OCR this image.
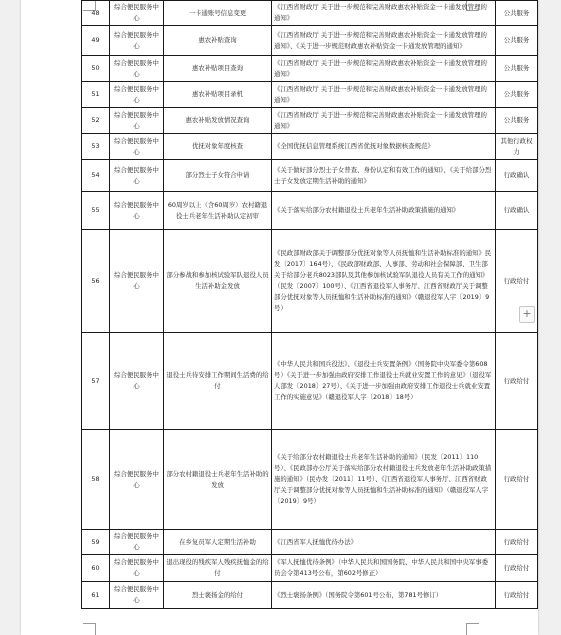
48	综合便民服务中心	一卡通账号信息变更	《江西省财政厅 关于进一步规范和完善财政惠农补贴资金一卡通发放管理的通知》	公共服务
49	综合便民服务中心	惠农补贴查询	《江西省财政厅 关于进一步规范和完善财政惠农补贴资金一卡通发放管理的通知》、《关于进一步规范财政惠农补贴资金一卡通发放管理的通知》	公共服务
50	综合便民服务中心	惠农补贴项目查询	《江西省财政厅 关于进一步规范和完善财政惠农补贴资金一卡通发放管理的通知》	公共服务
51	综合便民服务中心	惠农补贴项目录机	《江西省财政厅 关于进一步规范和完善财政惠农补贴资金一卡通发放管理的通知》	公共服务
52	综合便民服务中心	惠农补贴发放情况查询	《江西省财政厅 关于进一步规范和完善财政惠农补贴资金一卡通发放管理的通知》	公共服务
53	综合便民服务中心	优抚对象年度核查	《全国优抚信息管理系统江西省优抚对象数据核查规范》	其他行政权力
54	综合便民服务中心	部分烈士子女符合申请	《关于做好部分烈士子女普查、身份认定和有效工作的通知》、《关于给部分烈士子女发放定期生活补助的通知》	行政确认
55	综合便民服务中心	60周岁以上（含60周岁）农村籍退役士兵老年生活补助认定初审	《关于落实给部分农村籍退役士兵老年生活补助政策措施的通知》	行政确认
56	综合便民服务中心	部分参战和参加核试验军队退役人员生活补助金发放	《民政部财政部关于调整部分优抚对象等人员抚恤和生活补助标准的通知》民发〔2017〕164号）、《民政部财政部、人事部、劳动和社会保障部、卫生部关于给部分老兵8023部队及其他参加核试验军队退役人员有关工作的通知》（民发〔2007〕100号）、《江西省退役军人事务厅、江西省财政厅关于调整部分优抚对象等人员抚恤和生活补助标准的通知》（赣退役军人字〔2019〕9号）	行政给付
57	综合便民服务中心	退役士兵待安排工作期间生活费的给付	《中华人民共和国兵役法》、《退役士兵安置条例》（国务院中央军委令第608号）《关于进一步加强由政府安排工作退役士兵就业安置工作的意见》（退役军人部发〔2018〕27号）、《关于进一步加强由政府安排工作退役士兵就业安置工作的实施意见》（赣退役军人字〔2018〕18号）	行政给付
58	综合便民服务中心	部分农村籍退役士兵老年生活补助的发放	《关于给部分农村籍退役士兵老年生活补助的通知》（民发〔2011〕110号）、《民政部办公厅关于落实给部分农村籍退役士兵发放老年生活补助政策措施的通知》（民办发〔2011〕11号）、《江西省退役军人事务厅、江西省财政厅关于调整部分优抚对象等人员抚恤和生活补助标准的通知》（赣退役军人字〔2019〕9号）	行政给付
59	综合便民服务中心	在乡复员军人定期生活补助	《江西省军人抚恤优待办法》	行政给付
60	综合便民服务中心	退出现役的残疾军人残疾抚恤金的给付	《军人抚恤优待条例》（中华人民共和国国务院、中华人民共和国中央军事委员会令第413号公布，第602号修正）	行政给付
61	综合便民服务中心	烈士褒扬金的给付	《烈士褒扬条例》（国务院令第601号公布，第781号修订）	行政给付
+
